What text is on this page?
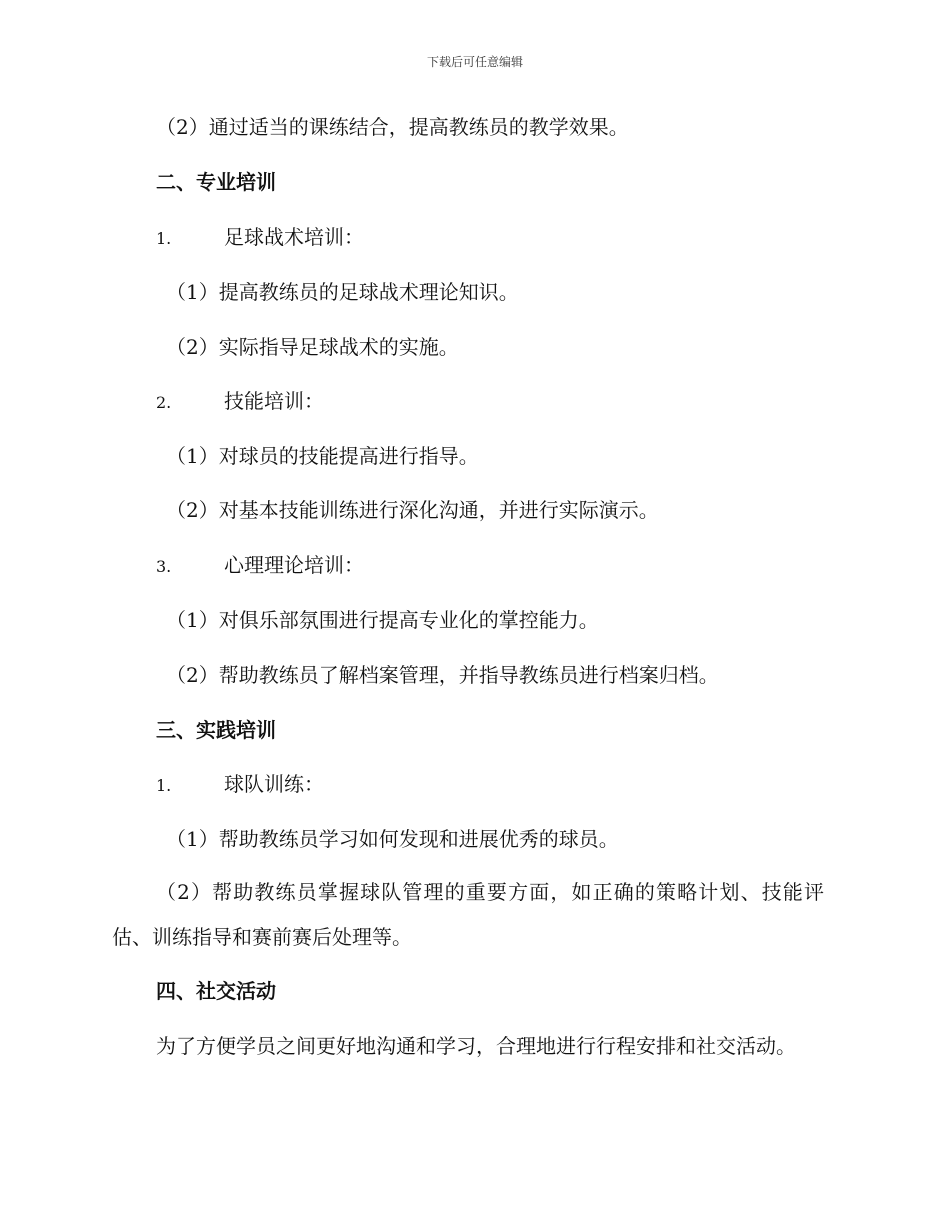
下载后可任意编辑
（2）通过适当的课练结合，提高教练员的教学效果。
二、专业培训
1.	足球战术培训：
（1）提高教练员的足球战术理论知识。
（2）实际指导足球战术的实施。
2.	技能培训：
（1）对球员的技能提高进行指导。
（2）对基本技能训练进行深化沟通，并进行实际演示。
3.	心理理论培训：
（1）对俱乐部氛围进行提高专业化的掌控能力。
（2）帮助教练员了解档案管理，并指导教练员进行档案归档。
三、实践培训
1.	球队训练：
（1）帮助教练员学习如何发现和进展优秀的球员。
（2）帮助教练员掌握球队管理的重要方面，如正确的策略计划、技能评估、训练指导和赛前赛后处理等。
四、社交活动
为了方便学员之间更好地沟通和学习，合理地进行行程安排和社交活动。
